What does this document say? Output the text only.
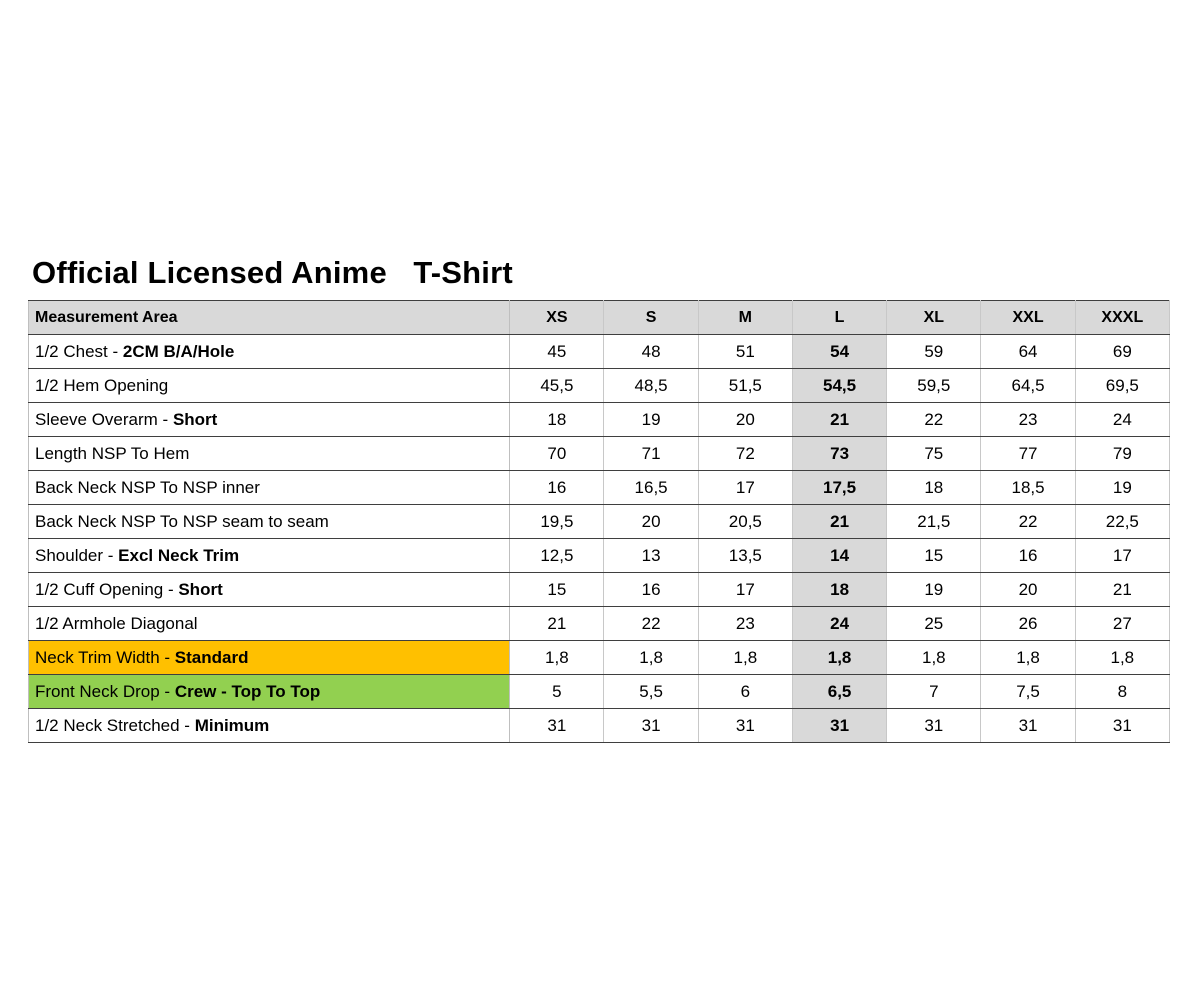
Official Licensed Anime   T-Shirt
Measurement Area	XS	S	M	L	XL	XXL	XXXL
1/2 Chest - 2CM B/A/Hole	45	48	51	54	59	64	69
1/2 Hem Opening	45,5	48,5	51,5	54,5	59,5	64,5	69,5
Sleeve Overarm - Short	18	19	20	21	22	23	24
Length NSP To Hem	70	71	72	73	75	77	79
Back Neck NSP To NSP inner	16	16,5	17	17,5	18	18,5	19
Back Neck NSP To NSP seam to seam	19,5	20	20,5	21	21,5	22	22,5
Shoulder - Excl Neck Trim	12,5	13	13,5	14	15	16	17
1/2 Cuff Opening - Short	15	16	17	18	19	20	21
1/2 Armhole Diagonal	21	22	23	24	25	26	27
Neck Trim Width - Standard	1,8	1,8	1,8	1,8	1,8	1,8	1,8
Front Neck Drop - Crew - Top To Top	5	5,5	6	6,5	7	7,5	8
1/2 Neck Stretched - Minimum	31	31	31	31	31	31	31
